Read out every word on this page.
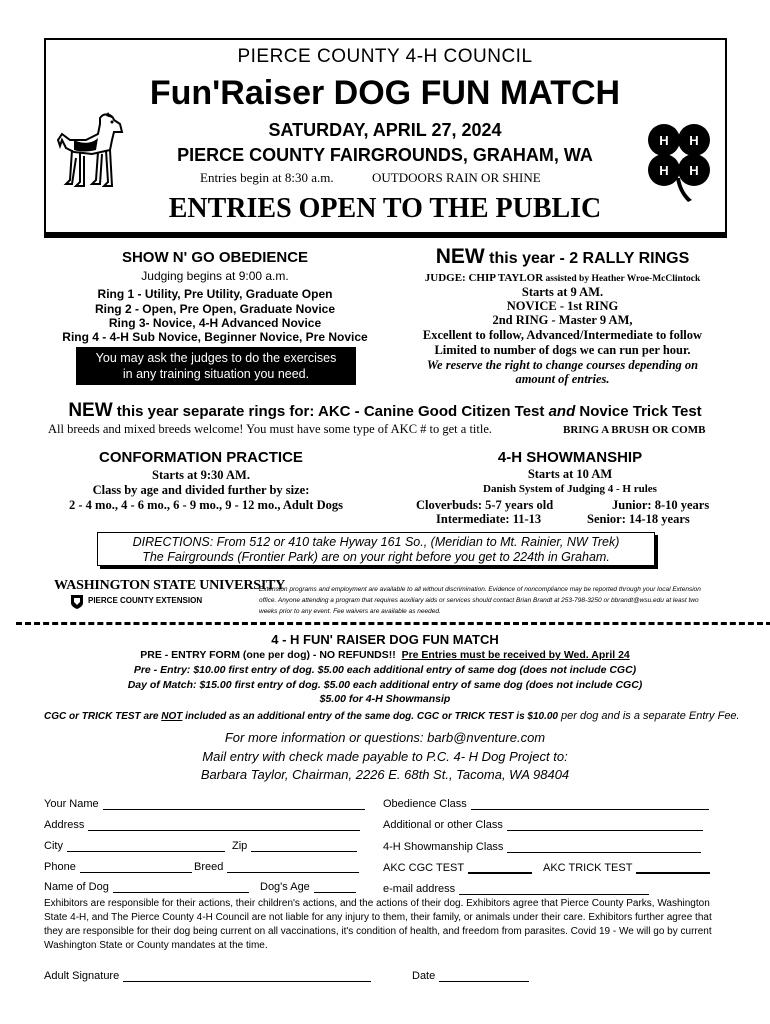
PIERCE COUNTY 4-H COUNCIL
Fun'Raiser DOG FUN MATCH
SATURDAY, APRIL 27, 2024
PIERCE COUNTY FAIRGROUNDS, GRAHAM, WA
Entries begin at 8:30 a.m.	OUTDOORS RAIN OR SHINE
ENTRIES OPEN TO THE PUBLIC
H H
H H
SHOW N' GO OBEDIENCE
Judging begins at 9:00 a.m.
Ring 1 - Utility, Pre Utility, Graduate Open
Ring 2 - Open, Pre Open, Graduate Novice
Ring 3- Novice, 4-H Advanced Novice
Ring 4 - 4-H Sub Novice, Beginner Novice, Pre Novice
You may ask the judges to do the exercises
in any training situation you need.
NEW this year - 2 RALLY RINGS
JUDGE: CHIP TAYLOR assisted by Heather Wroe-McClintock
Starts at 9 AM.
NOVICE - 1st RING
2nd RING - Master 9 AM,
Excellent to follow, Advanced/Intermediate to follow
Limited to number of dogs we can run per hour.
We reserve the right to change courses depending on
amount of entries.
NEW this year separate rings for: AKC - Canine Good Citizen Test and Novice Trick Test
All breeds and mixed breeds welcome! You must have some type of AKC # to get a title.	BRING A BRUSH OR COMB
CONFORMATION PRACTICE
Starts at 9:30 AM.
Class by age and divided further by size:
2 - 4 mo., 4 - 6 mo., 6 - 9 mo., 9 - 12 mo., Adult Dogs
4-H SHOWMANSHIP
Starts at 10 AM
Danish System of Judging 4 - H rules
Cloverbuds: 5-7 years old	Junior: 8-10 years
Intermediate: 11-13	Senior: 14-18 years
DIRECTIONS: From 512 or 410 take Hyway 161 So., (Meridian to Mt. Rainier, NW Trek)
The Fairgrounds (Frontier Park) are on your right before you get to 224th in Graham.
WASHINGTON STATE UNIVERSITY
PIERCE COUNTY EXTENSION
Extension programs and employment are available to all without discrimination. Evidence of noncompliance may be reported through your local Extension office. Anyone attending a program that requires auxiliary aids or services should contact Brian Brandt at 253-798-3250 or bbrandt@wsu.edu at least two weeks prior to any event. Fee waivers are available as needed.
4 - H FUN' RAISER DOG FUN MATCH
PRE - ENTRY FORM (one per dog) - NO REFUNDS!! Pre Entries must be received by Wed. April 24
Pre - Entry: $10.00 first entry of dog. $5.00 each additional entry of same dog (does not include CGC)
Day of Match: $15.00 first entry of dog. $5.00 each additional entry of same dog (does not include CGC)
$5.00 for 4-H Showmansip
CGC or TRICK TEST are NOT included as an additional entry of the same dog. CGC or TRICK TEST is $10.00 per dog and is a separate Entry Fee.
For more information or questions: barb@nventure.com
Mail entry with check made payable to P.C. 4- H Dog Project to:
Barbara Taylor, Chairman, 2226 E. 68th St., Tacoma, WA 98404
Your Name	Obedience Class
Address	Additional or other Class
City	Zip	4-H Showmanship Class
Phone	Breed	AKC CGC TEST	AKC TRICK TEST
Name of Dog	Dog's Age	e-mail address
Exhibitors are responsible for their actions, their children's actions, and the actions of their dog. Exhibitors agree that Pierce County Parks, Washington State 4-H, and The Pierce County 4-H Council are not liable for any injury to them, their family, or animals under their care. Exhibitors further agree that they are responsible for their dog being current on all vaccinations, it's condition of health, and freedom from parasites. Covid 19 - We will go by current Washington State or County mandates at the time.
Adult Signature	Date
